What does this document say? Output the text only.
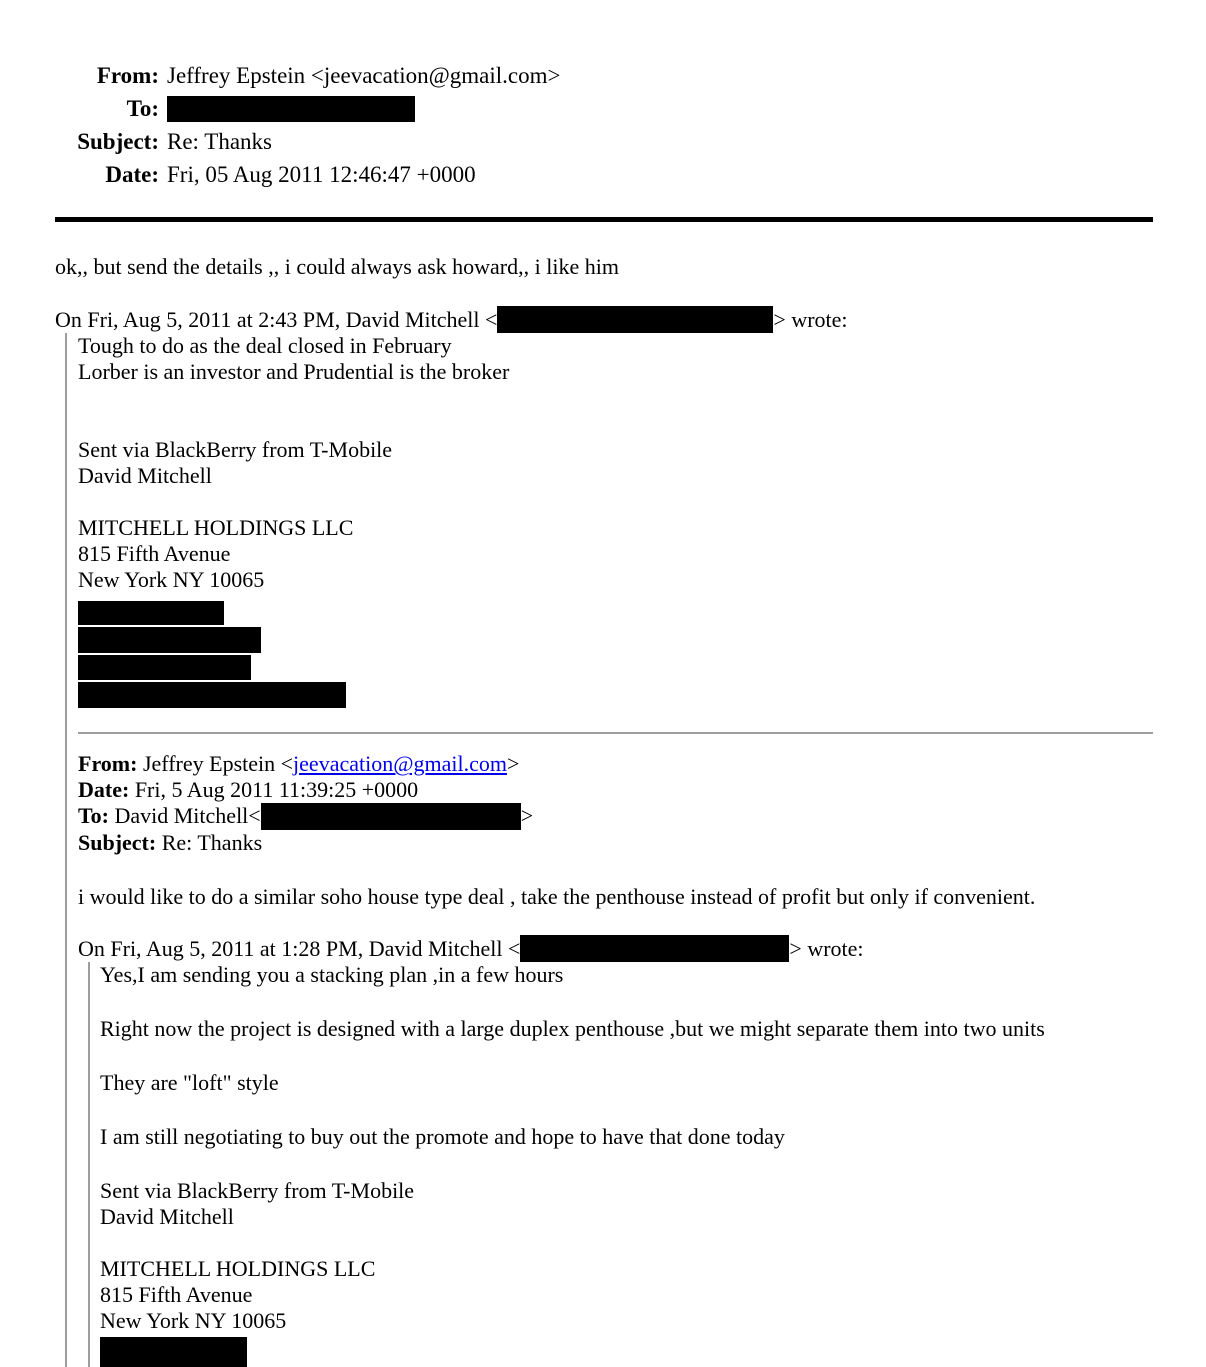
From: Jeffrey Epstein <jeevacation@gmail.com>
To:
Subject: Re: Thanks
Date: Fri, 05 Aug 2011 12:46:47 +0000
ok,, but send the details ,, i could always ask howard,, i like him
On Fri, Aug 5, 2011 at 2:43 PM, David Mitchell <	> wrote:
Tough to do as the deal closed in February
Lorber is an investor and Prudential is the broker
Sent via BlackBerry from T-Mobile
David Mitchell
MITCHELL HOLDINGS LLC
815 Fifth Avenue
New York NY 10065
From: Jeffrey Epstein <jeevacation@gmail.com>
Date: Fri, 5 Aug 2011 11:39:25 +0000
To: David Mitchell<	>
Subject: Re: Thanks
i would like to do a similar soho house type deal , take the penthouse instead of profit but only if convenient.
On Fri, Aug 5, 2011 at 1:28 PM, David Mitchell <	> wrote:
Yes,I am sending you a stacking plan ,in a few hours
Right now the project is designed with a large duplex penthouse ,but we might separate them into two units
They are "loft" style
I am still negotiating to buy out the promote and hope to have that done today
Sent via BlackBerry from T-Mobile
David Mitchell
MITCHELL HOLDINGS LLC
815 Fifth Avenue
New York NY 10065
